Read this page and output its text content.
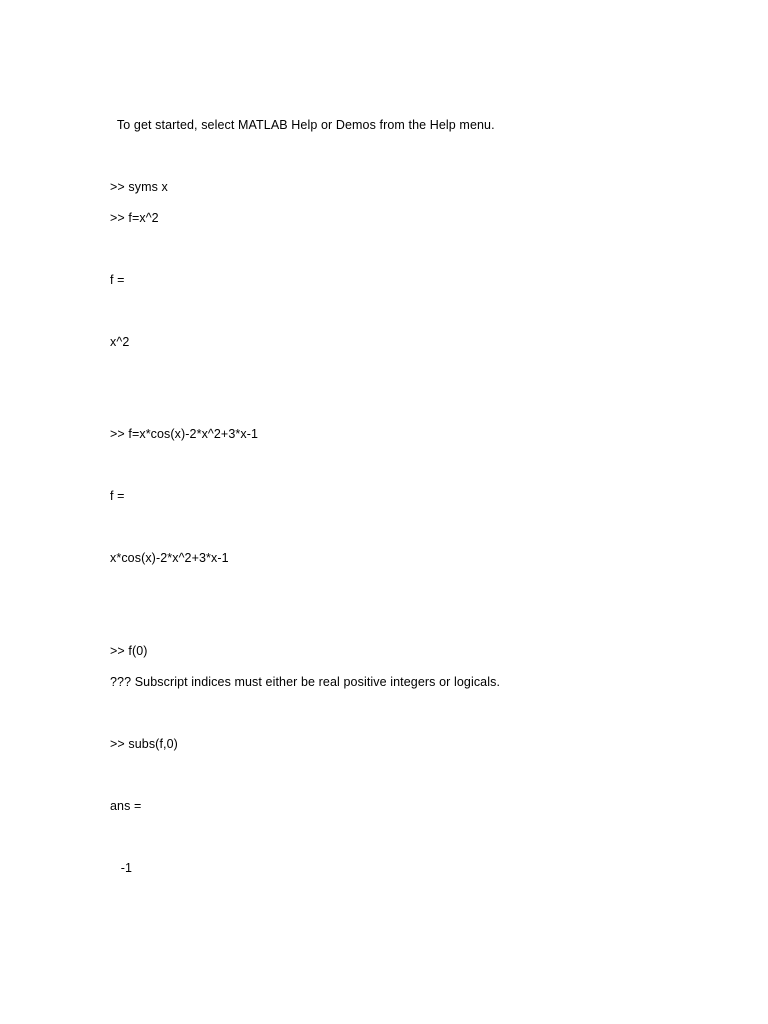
To get started, select MATLAB Help or Demos from the Help menu.
>> syms x
>> f=x^2
f =
x^2
>> f=x*cos(x)-2*x^2+3*x-1
f =
x*cos(x)-2*x^2+3*x-1
>> f(0)
??? Subscript indices must either be real positive integers or logicals.
>> subs(f,0)
ans =
-1
